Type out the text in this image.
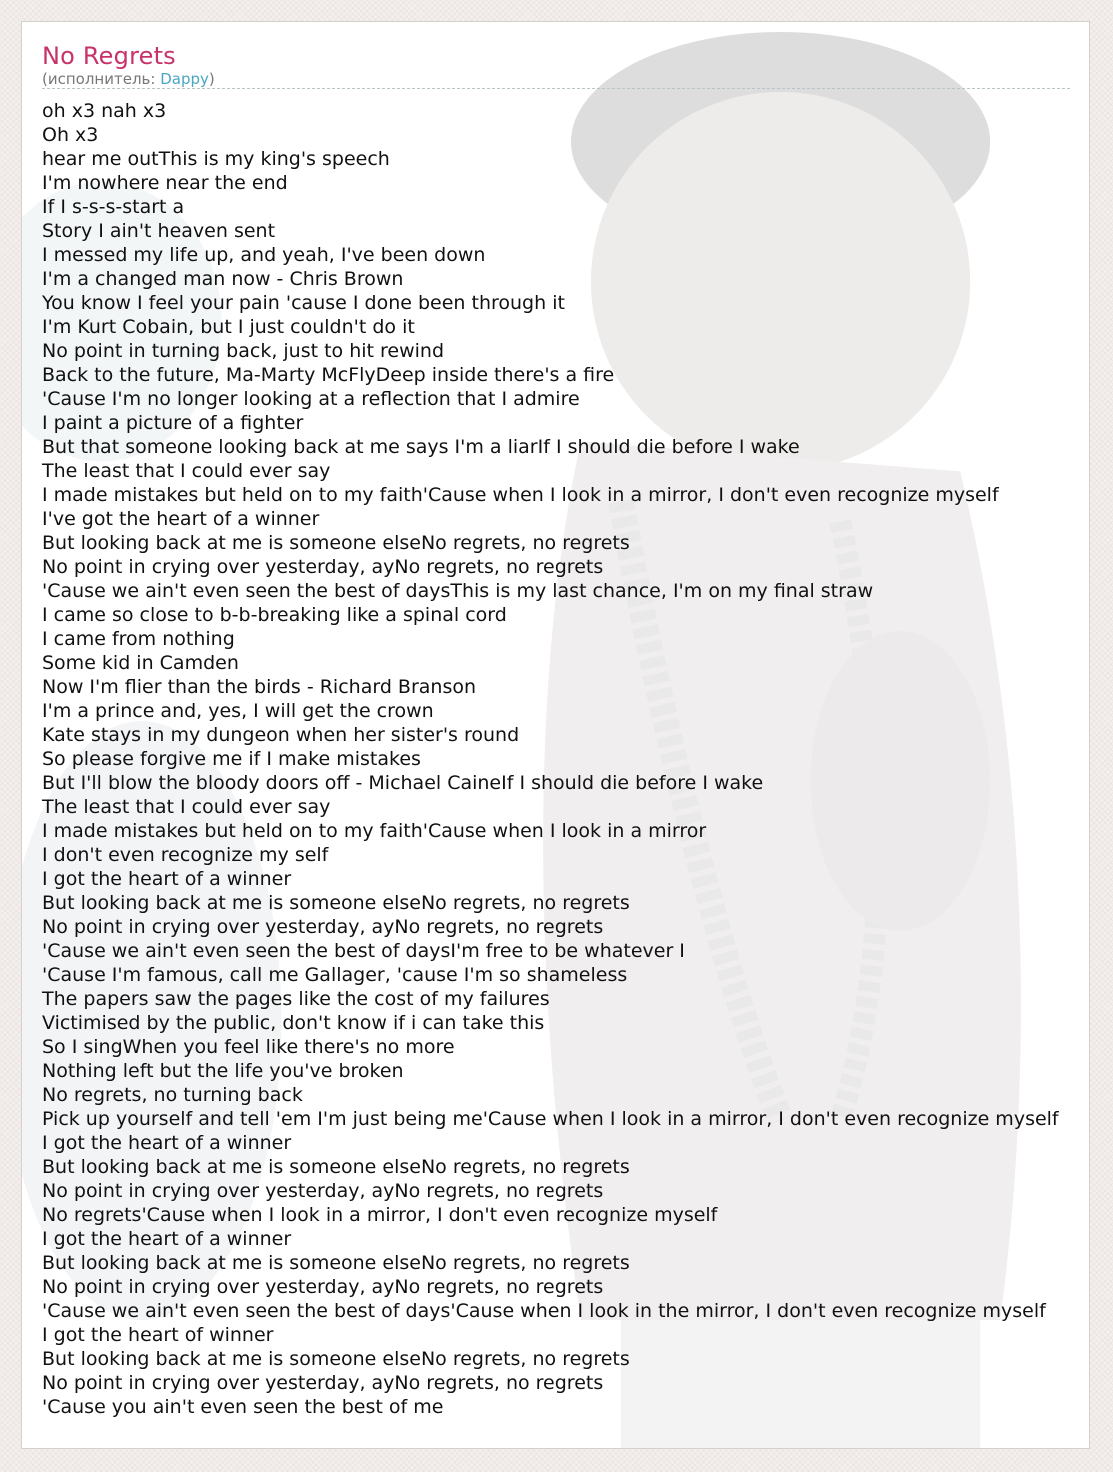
No Regrets
(исполнитель: Dappy)
oh x3 nah x3
Oh x3
hear me outThis is my king's speech
I'm nowhere near the end
If I s-s-s-start a
Story I ain't heaven sent
I messed my life up, and yeah, I've been down
I'm a changed man now - Chris Brown
You know I feel your pain 'cause I done been through it
I'm Kurt Cobain, but I just couldn't do it
No point in turning back, just to hit rewind
Back to the future, Ma-Marty McFlyDeep inside there's a fire
'Cause I'm no longer looking at a reflection that I admire
I paint a picture of a fighter
But that someone looking back at me says I'm a liarIf I should die before I wake
The least that I could ever say
I made mistakes but held on to my faith'Cause when I look in a mirror, I don't even recognize myself
I've got the heart of a winner
But looking back at me is someone elseNo regrets, no regrets
No point in crying over yesterday, ayNo regrets, no regrets
'Cause we ain't even seen the best of daysThis is my last chance, I'm on my final straw
I came so close to b-b-breaking like a spinal cord
I came from nothing
Some kid in Camden
Now I'm flier than the birds - Richard Branson
I'm a prince and, yes, I will get the crown
Kate stays in my dungeon when her sister's round
So please forgive me if I make mistakes
But I'll blow the bloody doors off - Michael CaineIf I should die before I wake
The least that I could ever say
I made mistakes but held on to my faith'Cause when I look in a mirror
I don't even recognize my self
I got the heart of a winner
But looking back at me is someone elseNo regrets, no regrets
No point in crying over yesterday, ayNo regrets, no regrets
'Cause we ain't even seen the best of daysI'm free to be whatever I
'Cause I'm famous, call me Gallager, 'cause I'm so shameless
The papers saw the pages like the cost of my failures
Victimised by the public, don't know if i can take this
So I singWhen you feel like there's no more
Nothing left but the life you've broken
No regrets, no turning back
Pick up yourself and tell 'em I'm just being me'Cause when I look in a mirror, I don't even recognize myself
I got the heart of a winner
But looking back at me is someone elseNo regrets, no regrets
No point in crying over yesterday, ayNo regrets, no regrets
No regrets'Cause when I look in a mirror, I don't even recognize myself
I got the heart of a winner
But looking back at me is someone elseNo regrets, no regrets
No point in crying over yesterday, ayNo regrets, no regrets
'Cause we ain't even seen the best of days'Cause when I look in the mirror, I don't even recognize myself
I got the heart of winner
But looking back at me is someone elseNo regrets, no regrets
No point in crying over yesterday, ayNo regrets, no regrets
'Cause you ain't even seen the best of me
